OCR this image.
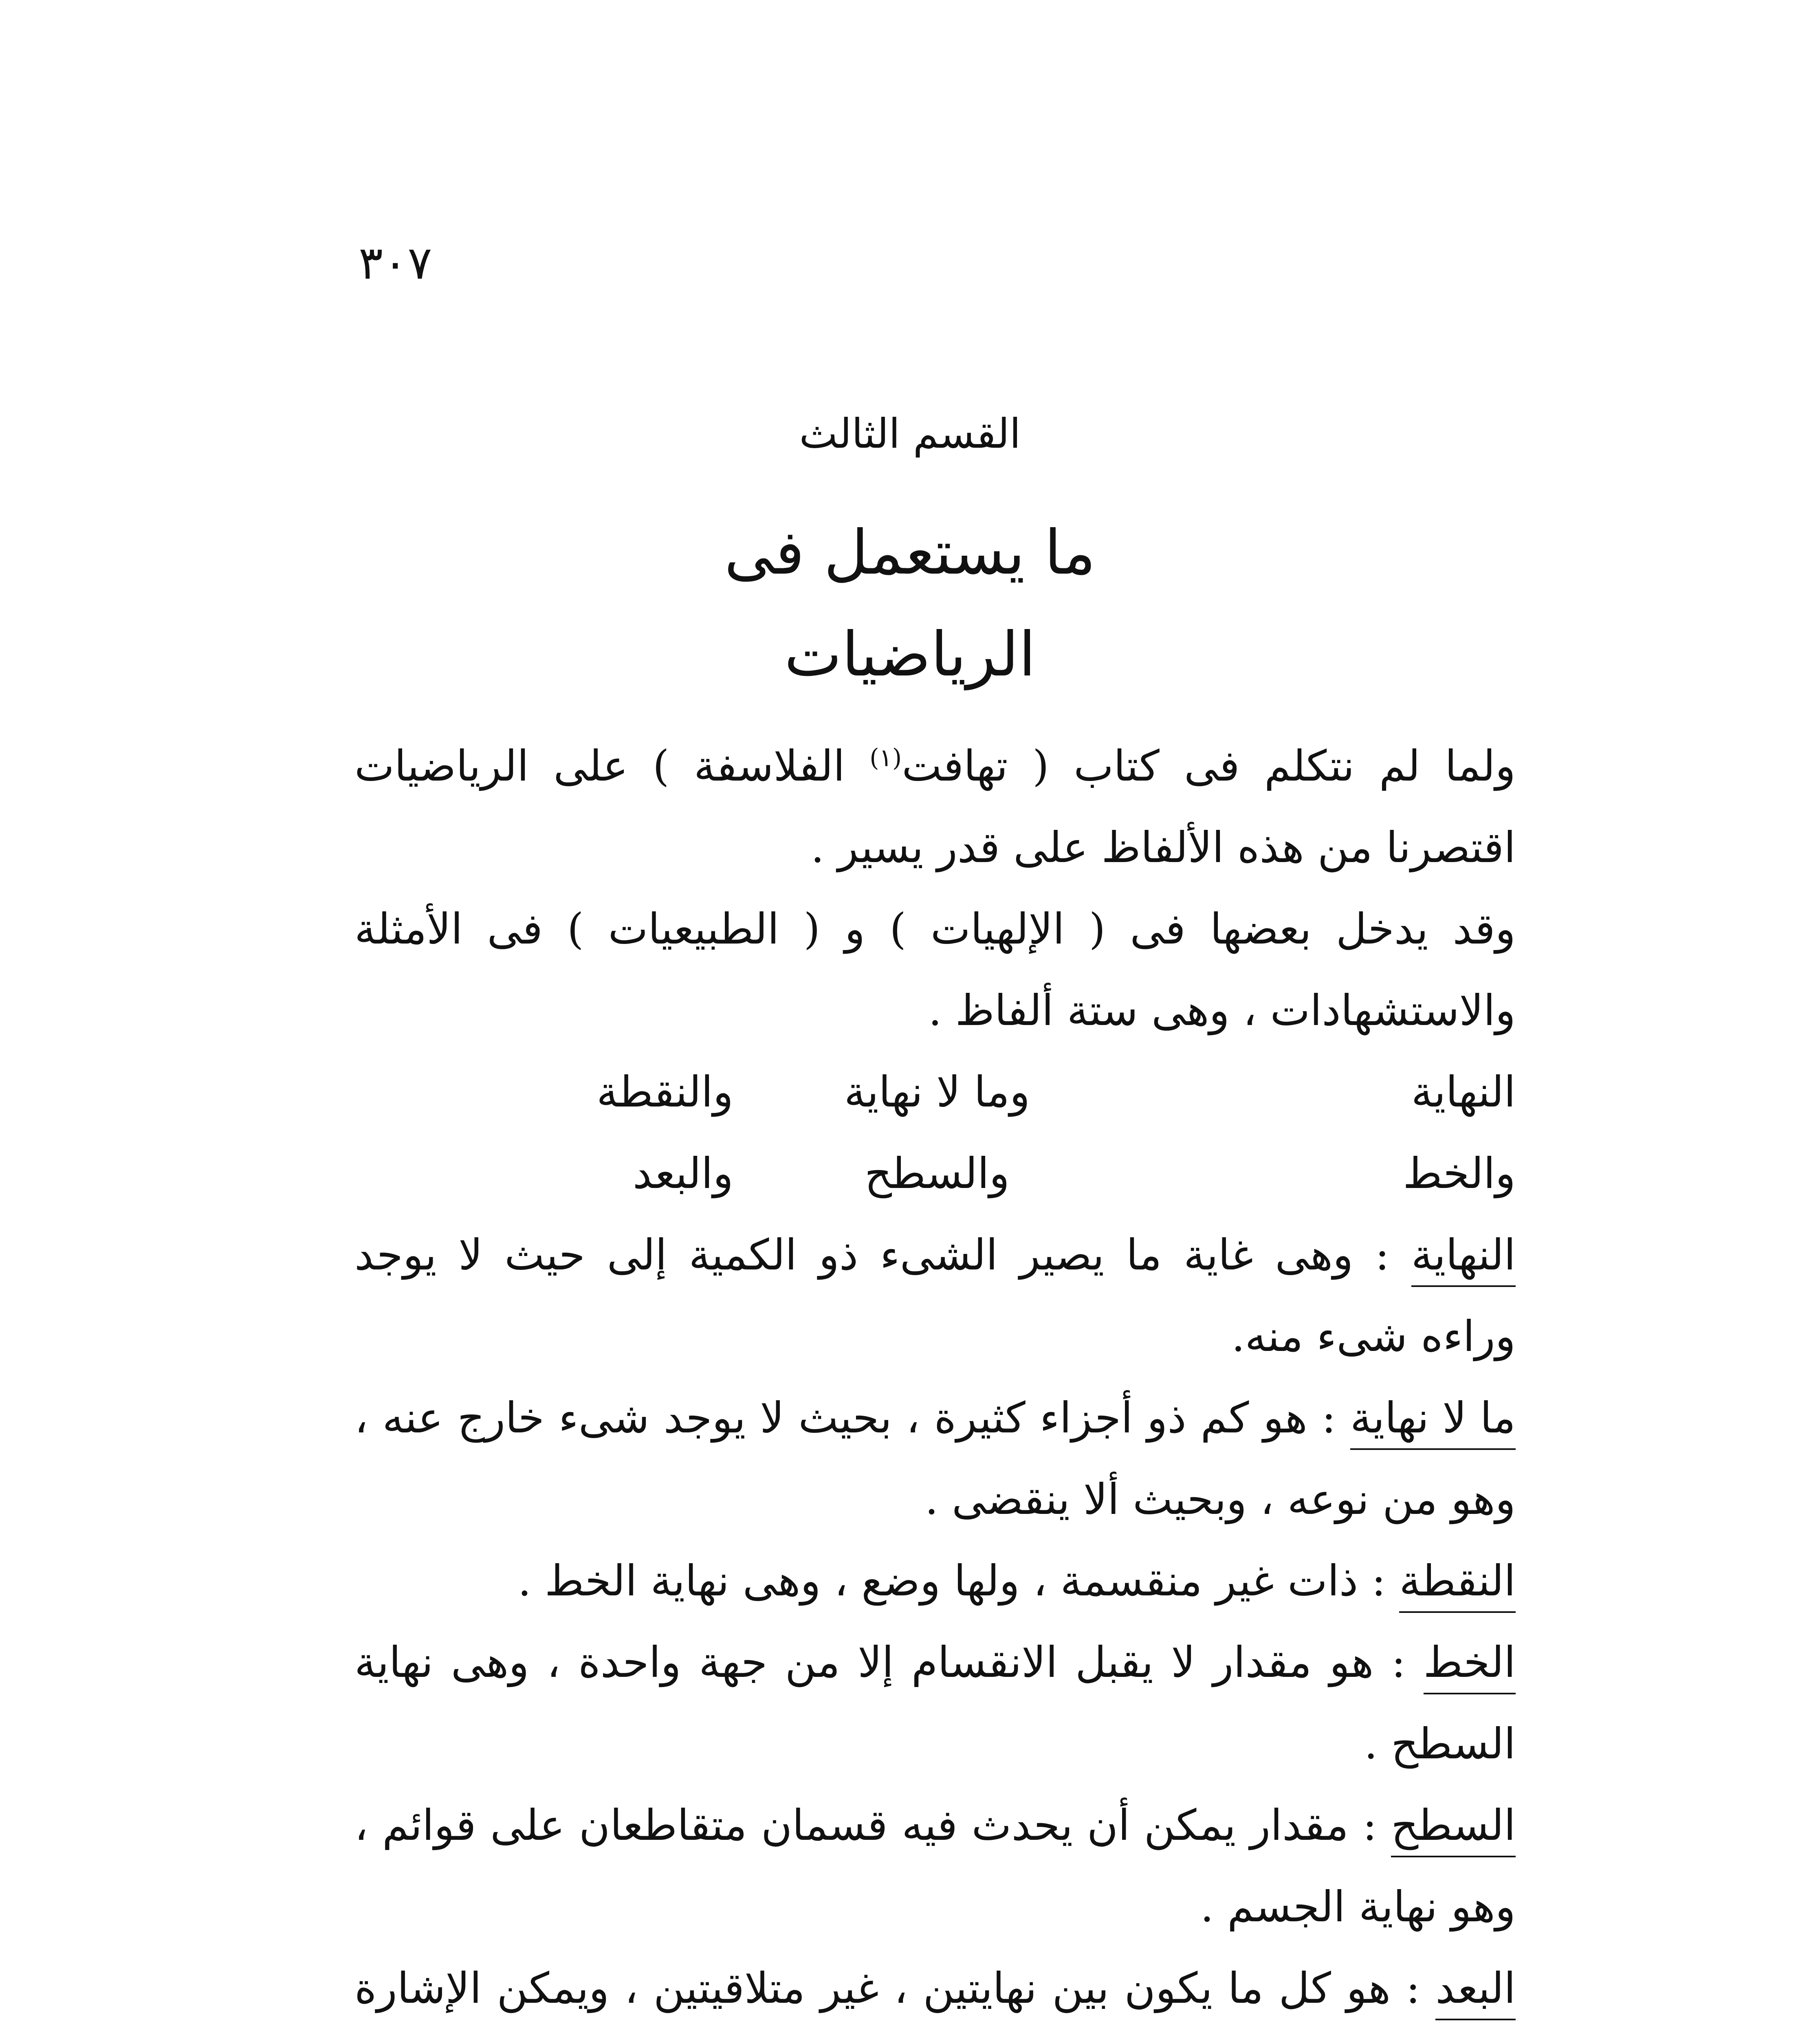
٣٠٧
القسم الثالث
ما يستعمل فى
الرياضيات

ولما لم نتكلم فى كتاب ( تهافت$^{(١)}$ الفلاسفة ) على الرياضيات اقتصرنا من هذه الألفاظ على قدر يسير .

وقد يدخل بعضها فى ( الإلهيات ) و ( الطبيعيات ) فى الأمثلة والاستشهادات ، وهى ستة ألفاظ .

النهاية
وما لا نهاية
والنقطة
والخط
والسطح
والبعد

النهاية : وهى غاية ما يصير الشىء ذو الكمية إلى حيث لا يوجد وراءه شىء منه.

ما لا نهاية : هو كم ذو أجزاء كثيرة ، بحيث لا يوجد شىء خارج عنه ، وهو من نوعه ، وبحيث ألا ينقضى .

النقطة : ذات غير منقسمة ، ولها وضع ، وهى نهاية الخط .

الخط : هو مقدار لا يقبل الانقسام إلا من جهة واحدة ، وهى نهاية السطح .

السطح : مقدار يمكن أن يحدث فيه قسمان متقاطعان على قوائم ، وهو نهاية الجسم .

البعد : هو كل ما يكون بين نهايتين ، غير متلاقيتين ، ويمكن الإشارة
